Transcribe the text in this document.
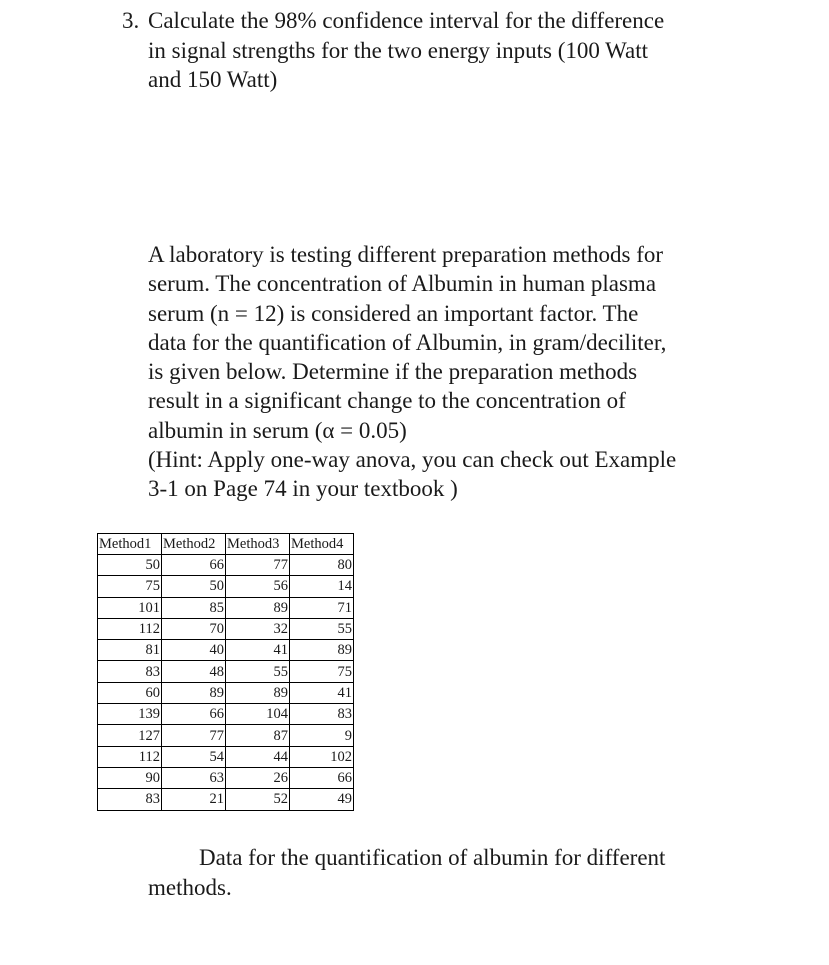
3. Calculate the 98% confidence interval for the difference
in signal strengths for the two energy inputs (100 Watt
and 150 Watt)
A laboratory is testing different preparation methods for
serum. The concentration of Albumin in human plasma
serum (n = 12) is considered an important factor. The
data for the quantification of Albumin, in gram/deciliter,
is given below. Determine if the preparation methods
result in a significant change to the concentration of
albumin in serum (α = 0.05)
(Hint: Apply one-way anova, you can check out Example
3-1 on Page 74 in your textbook )
Method1	Method2	Method3	Method4
50	66	77	80
75	50	56	14
101	85	89	71
112	70	32	55
81	40	41	89
83	48	55	75
60	89	89	41
139	66	104	83
127	77	87	9
112	54	44	102
90	63	26	66
83	21	52	49
Data for the quantification of albumin for different
methods.
